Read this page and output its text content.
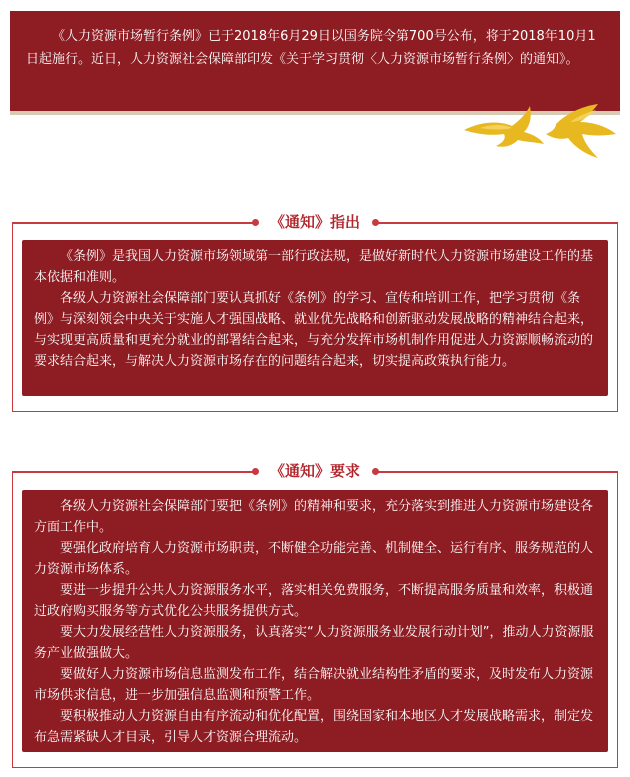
《人力资源市场暂行条例》已于2018年6月29日以国务院令第700号公布，将于2018年10月1日起施行。近日，人力资源社会保障部印发《关于学习贯彻〈人力资源市场暂行条例〉的通知》。

《通知》指出

《条例》是我国人力资源市场领域第一部行政法规，是做好新时代人力资源市场建设工作的基本依据和准则。

各级人力资源社会保障部门要认真抓好《条例》的学习、宣传和培训工作，把学习贯彻《条例》与深刻领会中央关于实施人才强国战略、就业优先战略和创新驱动发展战略的精神结合起来，与实现更高质量和更充分就业的部署结合起来，与充分发挥市场机制作用促进人力资源顺畅流动的要求结合起来，与解决人力资源市场存在的问题结合起来，切实提高政策执行能力。

《通知》要求

各级人力资源社会保障部门要把《条例》的精神和要求，充分落实到推进人力资源市场建设各方面工作中。

要强化政府培育人力资源市场职责，不断健全功能完善、机制健全、运行有序、服务规范的人力资源市场体系。

要进一步提升公共人力资源服务水平，落实相关免费服务，不断提高服务质量和效率，积极通过政府购买服务等方式优化公共服务提供方式。

要大力发展经营性人力资源服务，认真落实“人力资源服务业发展行动计划”，推动人力资源服务产业做强做大。

要做好人力资源市场信息监测发布工作，结合解决就业结构性矛盾的要求，及时发布人力资源市场供求信息，进一步加强信息监测和预警工作。

要积极推动人力资源自由有序流动和优化配置，围绕国家和本地区人才发展战略需求，制定发布急需紧缺人才目录，引导人才资源合理流动。
